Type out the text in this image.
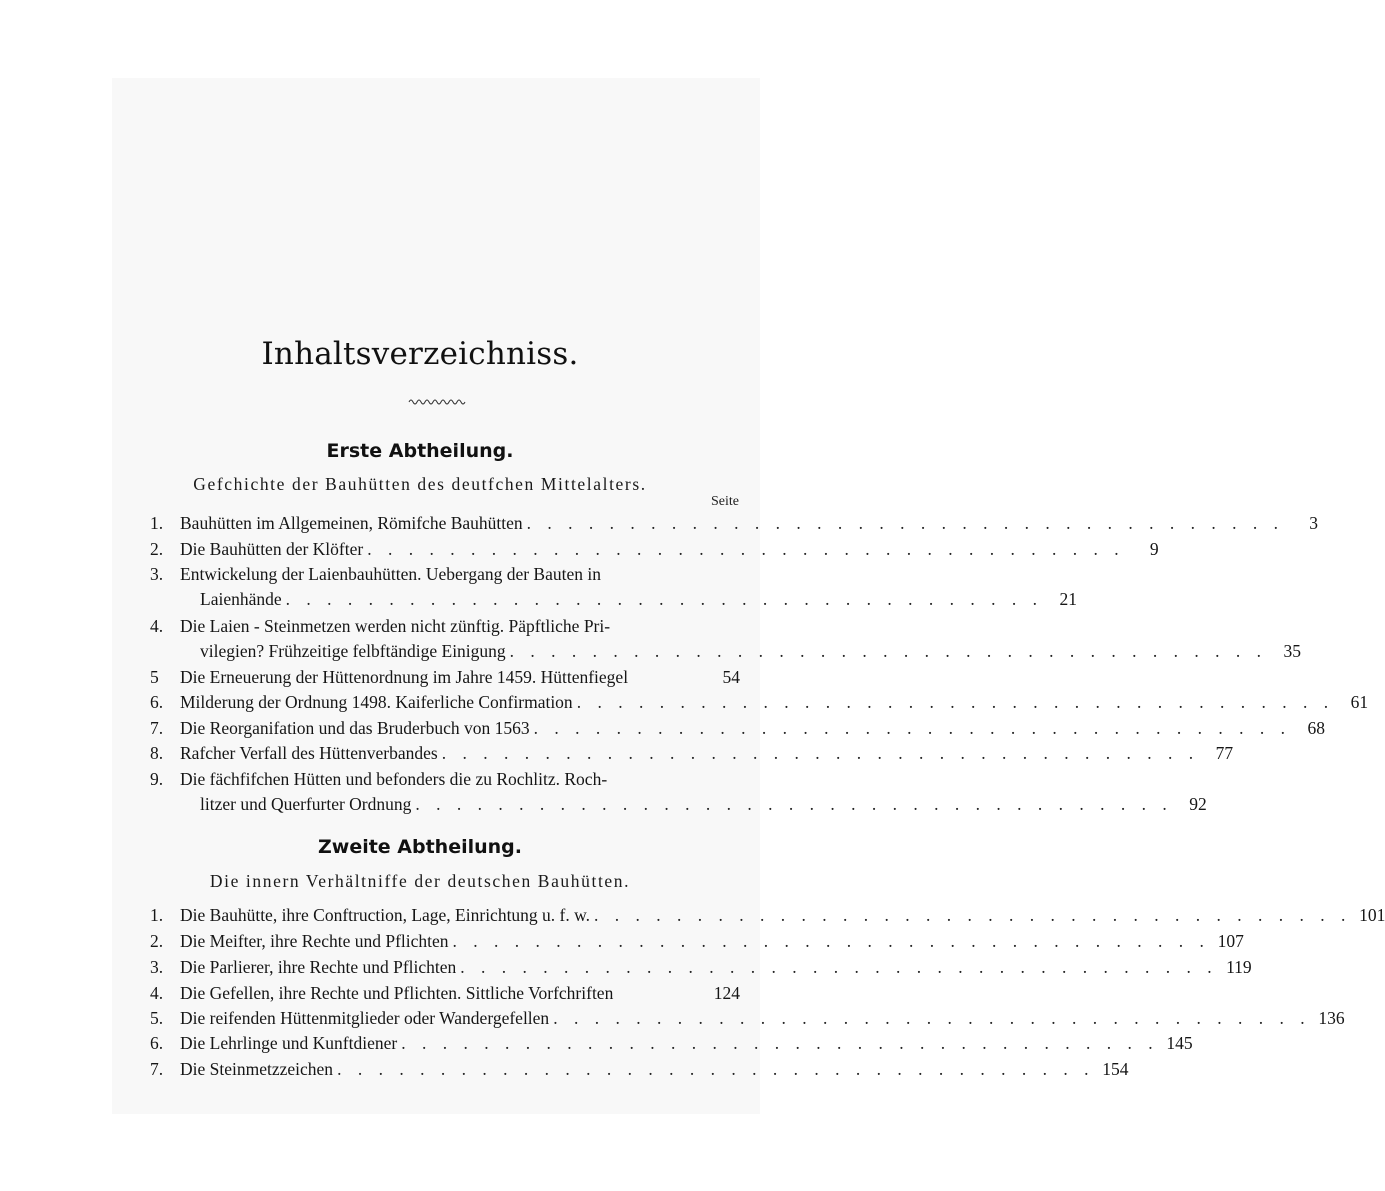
Inhaltsverzeichniss.
Erste Abtheilung.
Gefchichte der Bauhütten des deutfchen Mittelalters.
Seite
1. Bauhütten im Allgemeinen, Römifche Bauhütten . . . . . . . . . . . . . . . . . . . . . . . . . . . . . . . . . . . . .	3
2. Die Bauhütten der Klöfter . . . . . . . . . . . . . . . . . . . . . . . . . . . . . . . . . . . . .	9
3. Entwickelung der Laienbauhütten. Uebergang der Bauten in
Laienhände . . . . . . . . . . . . . . . . . . . . . . . . . . . . . . . . . . . . . 21
4. Die Laien - Steinmetzen werden nicht zünftig. Päpftliche Pri-
vilegien? Frühzeitige felbftändige Einigung . . . . . . . . . . . . . . . . . . . . . . . . . . . . . . . . . . . . . 35
5	Die Erneuerung der Hüttenordnung im Jahre 1459. Hüttenfiegel	54
6. Milderung der Ordnung 1498. Kaiferliche Confirmation . . . . . . . . . . . . . . . . . . . . . . . . . . . . . . . . . . . . . 61
7. Die Reorganifation und das Bruderbuch von 1563 . . . . . . . . . . . . . . . . . . . . . . . . . . . . . . . . . . . . . 68
8. Rafcher Verfall des Hüttenverbandes . . . . . . . . . . . . . . . . . . . . . . . . . . . . . . . . . . . . . 77
9. Die fächfifchen Hütten und befonders die zu Rochlitz. Roch-
litzer und Querfurter Ordnung . . . . . . . . . . . . . . . . . . . . . . . . . . . . . . . . . . . . . 92
Zweite Abtheilung.
Die innern Verhältniffe der deutschen Bauhütten.
1. Die Bauhütte, ihre Conftruction, Lage, Einrichtung u. f. w. . . . . . . . . . . . . . . . . . . . . . . . . . . . . . . . . . . . . . 101
2. Die Meifter, ihre Rechte und Pflichten . . . . . . . . . . . . . . . . . . . . . . . . . . . . . . . . . . . . . 107
3. Die Parlierer, ihre Rechte und Pflichten . . . . . . . . . . . . . . . . . . . . . . . . . . . . . . . . . . . . . 119
4. Die Gefellen, ihre Rechte und Pflichten. Sittliche Vorfchriften	124
5. Die reifenden Hüttenmitglieder oder Wandergefellen . . . . . . . . . . . . . . . . . . . . . . . . . . . . . . . . . . . . . 136
6. Die Lehrlinge und Kunftdiener . . . . . . . . . . . . . . . . . . . . . . . . . . . . . . . . . . . . . 145
7. Die Steinmetzzeichen . . . . . . . . . . . . . . . . . . . . . . . . . . . . . . . . . . . . . 154
